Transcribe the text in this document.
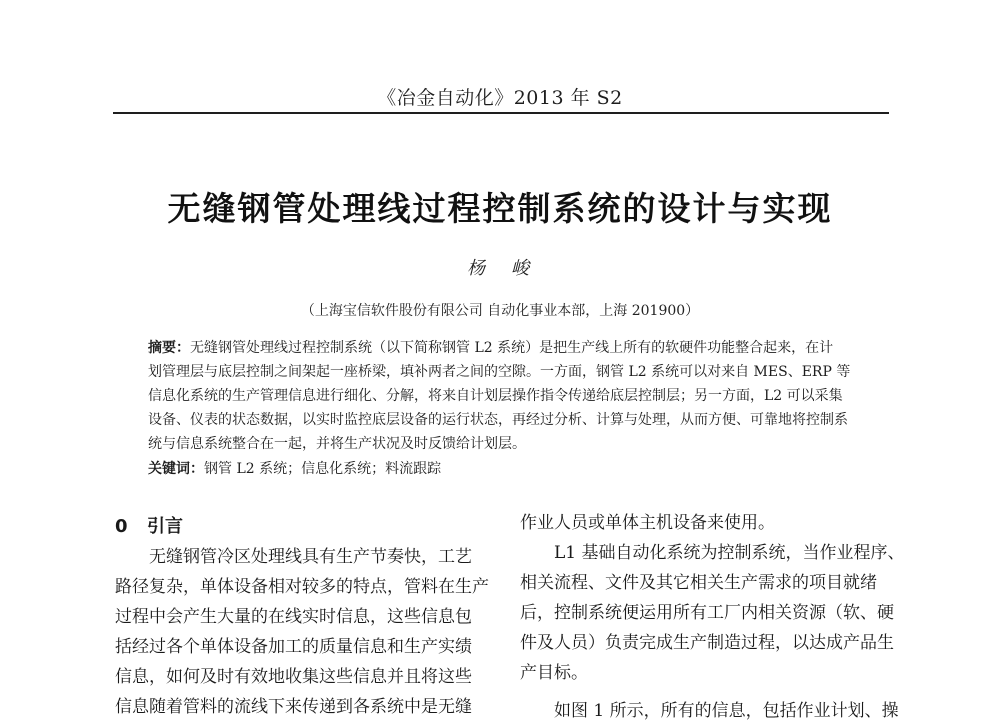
《冶金自动化》2013 年 S2
无缝钢管处理线过程控制系统的设计与实现
杨　峻
（上海宝信软件股份有限公司 自动化事业本部，上海 201900）
摘要：无缝钢管处理线过程控制系统（以下简称钢管 L2 系统）是把生产线上所有的软硬件功能整合起来，在计
划管理层与底层控制之间架起一座桥梁，填补两者之间的空隙。一方面，钢管 L2 系统可以对来自 MES、ERP 等
信息化系统的生产管理信息进行细化、分解，将来自计划层操作指令传递给底层控制层；另一方面，L2 可以采集
设备、仪表的状态数据，以实时监控底层设备的运行状态，再经过分析、计算与处理，从而方便、可靠地将控制系
统与信息系统整合在一起，并将生产状况及时反馈给计划层。
关键词：钢管 L2 系统；信息化系统；料流跟踪
0 引言
无缝钢管冷区处理线具有生产节奏快，工艺
路径复杂，单体设备相对较多的特点，管料在生产
过程中会产生大量的在线实时信息，这些信息包
括经过各个单体设备加工的质量信息和生产实绩
信息，如何及时有效地收集这些信息并且将这些
信息随着管料的流线下来传递到各系统中是无缝
作业人员或单体主机设备来使用。
L1 基础自动化系统为控制系统，当作业程序、
相关流程、文件及其它相关生产需求的项目就绪
后，控制系统便运用所有工厂内相关资源（软、硬
件及人员）负责完成生产制造过程，以达成产品生
产目标。
如图 1 所示，所有的信息，包括作业计划、操
